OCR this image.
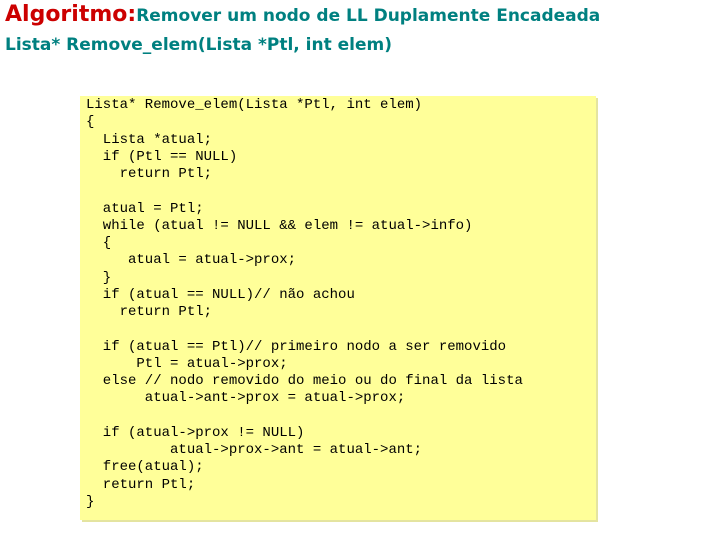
Algoritmo:Remover um nodo de LL Duplamente Encadeada
Lista* Remove_elem(Lista *Ptl, int elem)
Lista* Remove_elem(Lista *Ptl, int elem)
{
Lista *atual;
if (Ptl == NULL)
return Ptl;
atual = Ptl;
while (atual != NULL && elem != atual->info)
{
atual = atual->prox;
}
if (atual == NULL)// não achou
return Ptl;
if (atual == Ptl)// primeiro nodo a ser removido
Ptl = atual->prox;
else // nodo removido do meio ou do final da lista
atual->ant->prox = atual->prox;
if (atual->prox != NULL)
atual->prox->ant = atual->ant;
free(atual);
return Ptl;
}
